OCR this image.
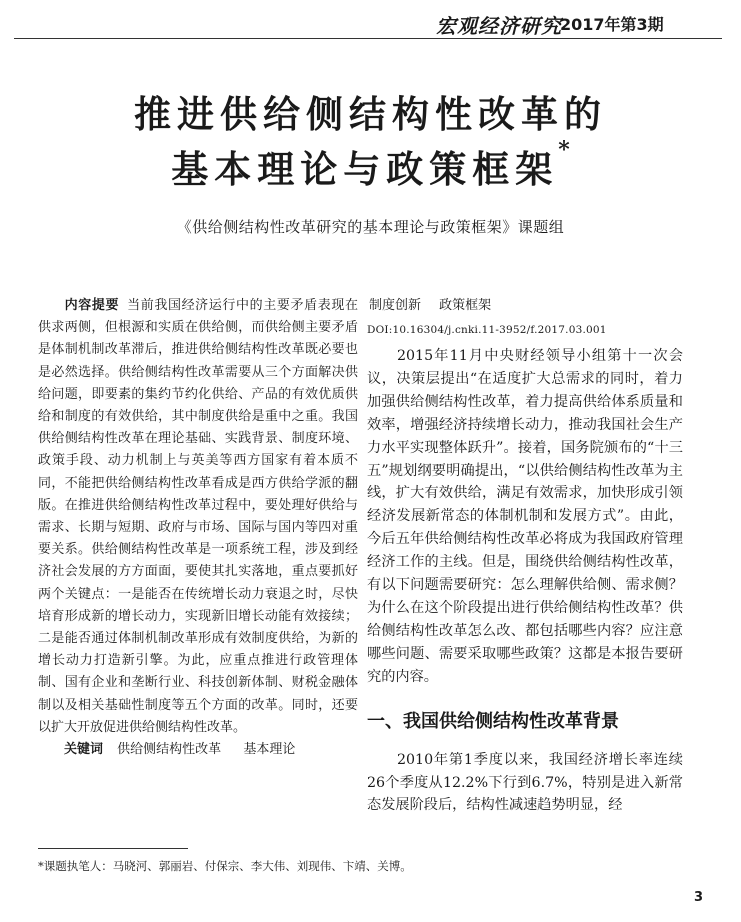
宏观经济研究
2017年第3期
推进供给侧结构性改革的
基本理论与政策框架*
《供给侧结构性改革研究的基本理论与政策框架》课题组
内容提要 当前我国经济运行中的主要矛盾表现在供求两侧，但根源和实质在供给侧，而供给侧主要矛盾是体制机制改革滞后，推进供给侧结构性改革既必要也是必然选择。供给侧结构性改革需要从三个方面解决供给问题，即要素的集约节约化供给、产品的有效优质供给和制度的有效供给，其中制度供给是重中之重。我国供给侧结构性改革在理论基础、实践背景、制度环境、政策手段、动力机制上与英美等西方国家有着本质不同，不能把供给侧结构性改革看成是西方供给学派的翻版。在推进供给侧结构性改革过程中，要处理好供给与需求、长期与短期、政府与市场、国际与国内等四对重要关系。供给侧结构性改革是一项系统工程，涉及到经济社会发展的方方面面，要使其扎实落地，重点要抓好两个关键点：一是能否在传统增长动力衰退之时，尽快培育形成新的增长动力，实现新旧增长动能有效接续；二是能否通过体制机制改革形成有效制度供给，为新的增长动力打造新引擎。为此，应重点推进行政管理体制、国有企业和垄断行业、科技创新体制、财税金融体制以及相关基础性制度等五个方面的改革。同时，还要以扩大开放促进供给侧结构性改革。
关键词 供给侧结构性改革 基本理论
制度创新 政策框架
DOI:10.16304/j.cnki.11-3952/f.2017.03.001
2015年11月中央财经领导小组第十一次会议，决策层提出“在适度扩大总需求的同时，着力加强供给侧结构性改革，着力提高供给体系质量和效率，增强经济持续增长动力，推动我国社会生产力水平实现整体跃升”。接着，国务院颁布的“十三五”规划纲要明确提出，“以供给侧结构性改革为主线，扩大有效供给，满足有效需求，加快形成引领经济发展新常态的体制机制和发展方式”。由此，今后五年供给侧结构性改革必将成为我国政府管理经济工作的主线。但是，围绕供给侧结构性改革，有以下问题需要研究：怎么理解供给侧、需求侧？为什么在这个阶段提出进行供给侧结构性改革？供给侧结构性改革怎么改、都包括哪些内容？应注意哪些问题、需要采取哪些政策？这都是本报告要研究的内容。
一、我国供给侧结构性改革背景
2010年第1季度以来，我国经济增长率连续26个季度从12.2%下行到6.7%，特别是进入新常态发展阶段后，结构性减速趋势明显，经
*课题执笔人：马晓河、郭丽岩、付保宗、李大伟、刘现伟、卞靖、关博。
3
